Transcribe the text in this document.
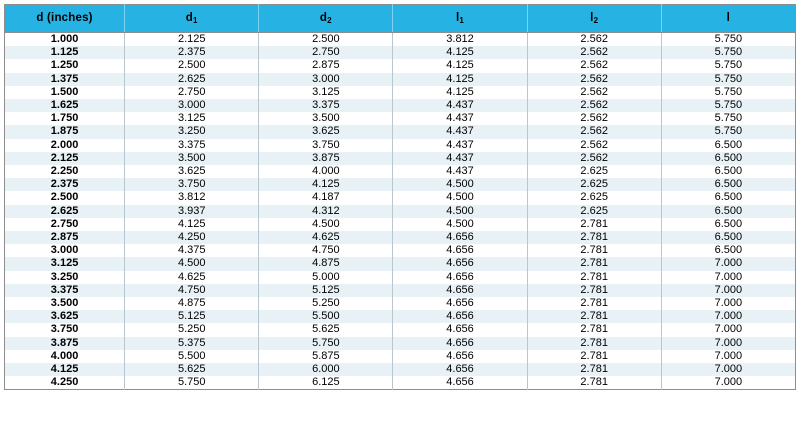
d (inches)	$d_1$	$d_2$	$l_1$	$l_2$	l
1.000	2.125	2.500	3.812	2.562	5.750
1.125	2.375	2.750	4.125	2.562	5.750
1.250	2.500	2.875	4.125	2.562	5.750
1.375	2.625	3.000	4.125	2.562	5.750
1.500	2.750	3.125	4.125	2.562	5.750
1.625	3.000	3.375	4.437	2.562	5.750
1.750	3.125	3.500	4.437	2.562	5.750
1.875	3.250	3.625	4.437	2.562	5.750
2.000	3.375	3.750	4.437	2.562	6.500
2.125	3.500	3.875	4.437	2.562	6.500
2.250	3.625	4.000	4.437	2.625	6.500
2.375	3.750	4.125	4.500	2.625	6.500
2.500	3.812	4.187	4.500	2.625	6.500
2.625	3.937	4.312	4.500	2.625	6.500
2.750	4.125	4.500	4.500	2.781	6.500
2.875	4.250	4.625	4.656	2.781	6.500
3.000	4.375	4.750	4.656	2.781	6.500
3.125	4.500	4.875	4.656	2.781	7.000
3.250	4.625	5.000	4.656	2.781	7.000
3.375	4.750	5.125	4.656	2.781	7.000
3.500	4.875	5.250	4.656	2.781	7.000
3.625	5.125	5.500	4.656	2.781	7.000
3.750	5.250	5.625	4.656	2.781	7.000
3.875	5.375	5.750	4.656	2.781	7.000
4.000	5.500	5.875	4.656	2.781	7.000
4.125	5.625	6.000	4.656	2.781	7.000
4.250	5.750	6.125	4.656	2.781	7.000
